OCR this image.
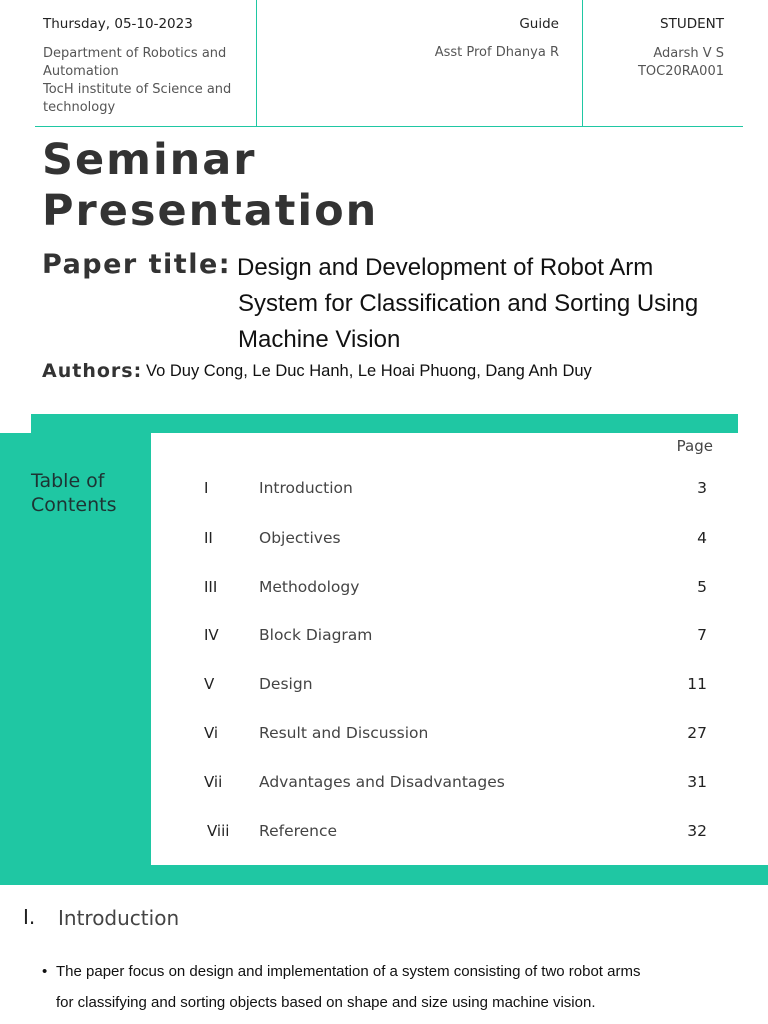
Thursday, 05-10-2023
Department of Robotics and Automation
TocH institute of Science and technology
Guide
Asst Prof Dhanya R
STUDENT
Adarsh V S
TOC20RA001
Seminar
Presentation
Paper title: Design and Development of Robot Arm
System for Classification and Sorting Using
Machine Vision
Authors: Vo Duy Cong, Le Duc Hanh, Le Hoai Phuong, Dang Anh Duy
Table of
Contents
Page
I	Introduction	3
II	Objectives	4
III	Methodology	5
IV	Block Diagram	7
V	Design	11
Vi	Result and Discussion	27
Vii Advantages and Disadvantages	31
Viii Reference	32
I. Introduction
• The paper focus on design and implementation of a system consisting of two robot arms
for classifying and sorting objects based on shape and size using machine vision.
